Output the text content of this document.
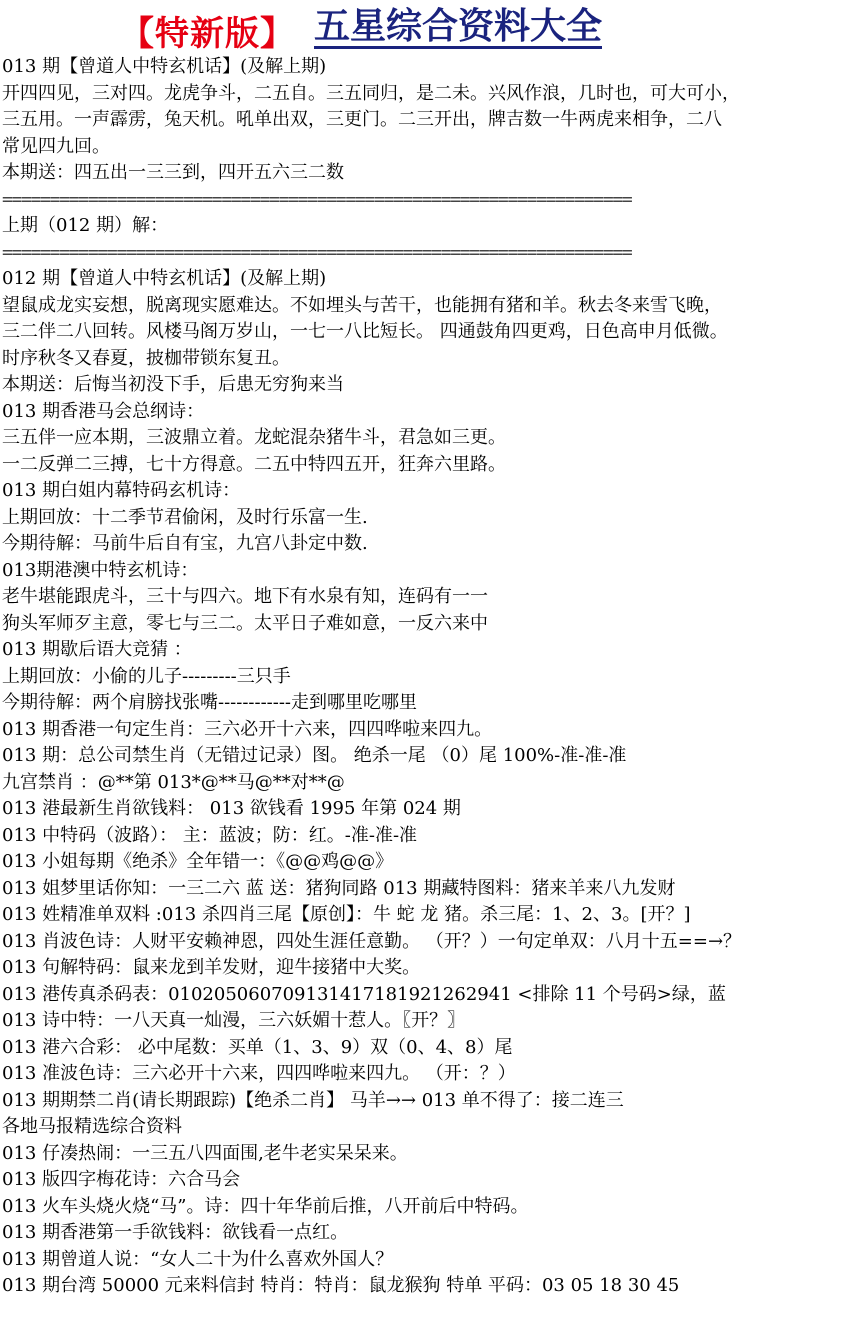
【特新版】 五星综合资料大全
013 期【曾道人中特玄机话】(及解上期)
开四四见，三对四。龙虎争斗，二五自。三五同归，是二未。兴风作浪，几时也，可大可小，
三五用。一声霹雳，兔天机。吼单出双，三更门。二三开出，牌吉数一牛两虎来相争，二八
常见四九回。
本期送：四五出一三三到，四开五六三二数
==================================================================
上期（012 期）解：
==================================================================
012 期【曾道人中特玄机话】(及解上期)
望鼠成龙实妄想，脱离现实愿难达。不如埋头与苦干，也能拥有猪和羊。秋去冬来雪飞晚，
三二伴二八回转。风楼马阁万岁山，一七一八比短长。 四通鼓角四更鸡，日色高申月低微。
时序秋冬又春夏，披枷带锁东复丑。
本期送：后悔当初没下手，后患无穷狗来当
013 期香港马会总纲诗：
三五伴一应本期，三波鼎立着。龙蛇混杂猪牛斗，君急如三更。
一二反弹二三搏，七十方得意。二五中特四五开，狂奔六里路。
013 期白姐内幕特码玄机诗：
上期回放：十二季节君偷闲，及时行乐富一生.
今期待解：马前牛后自有宝，九宫八卦定中数.
013期港澳中特玄机诗：
老牛堪能跟虎斗，三十与四六。地下有水泉有知，连码有一一
狗头军师歹主意，零七与三二。太平日子难如意，一反六来中
013 期歇后语大竞猜 ：
上期回放：小偷的儿子---------三只手
今期待解：两个肩膀找张嘴------------走到哪里吃哪里
013 期香港一句定生肖：三六必开十六来，四四哗啦来四九。
013 期：总公司禁生肖（无错过记录）图。 绝杀一尾 （0）尾 100%-准-准-准
九宫禁肖 ：@**第 013*@**马@**对**@
013 港最新生肖欲钱料： 013 欲钱看 1995 年第 024 期
013 中特码（波路）： 主：蓝波；防：红。-准-准-准
013 小姐每期《绝杀》全年错一：《@@鸡@@》
013 姐梦里话你知：一三二六 蓝 送：猪狗同路 013 期藏特图料：猪来羊来八九发财
013 姓精准单双料 :013 杀四肖三尾【原创】：牛 蛇 龙 猪。杀三尾：1、2、3。[开？]
013 肖波色诗：人财平安赖神恩，四处生涯任意勤。 （开？）一句定单双：八月十五==→？
013 句解特码：鼠来龙到羊发财，迎牛接猪中大奖。
013 港传真杀码表：0102050607091314171819212629​41 <排除 11 个号码>绿，蓝
013 诗中特：一八天真一灿漫，三六妖媚十惹人。〖开？〗
013 港六合彩： 必中尾数：买单（1、3、9）双（0、4、8）尾
013 准波色诗：三六必开十六来，四四哗啦来四九。 （开：？）
013 期期禁二肖(请长期跟踪)【绝杀二肖】 马羊→→ 013 单不得了：接二连三
各地马报精选综合资料
013 仔凑热闹：一三五八四面围,老牛老实呆呆来。
013 版四字梅花诗：六合马会
013 火车头烧火烧“马”。诗：四十年华前后推，八开前后中特码。
013 期香港第一手欲钱料：欲钱看一点红。
013 期曾道人说：“女人二十为什么喜欢外国人？
013 期台湾 50000 元来料信封 特肖：特肖：鼠龙猴狗 特单 平码：03 05 18 30 45
